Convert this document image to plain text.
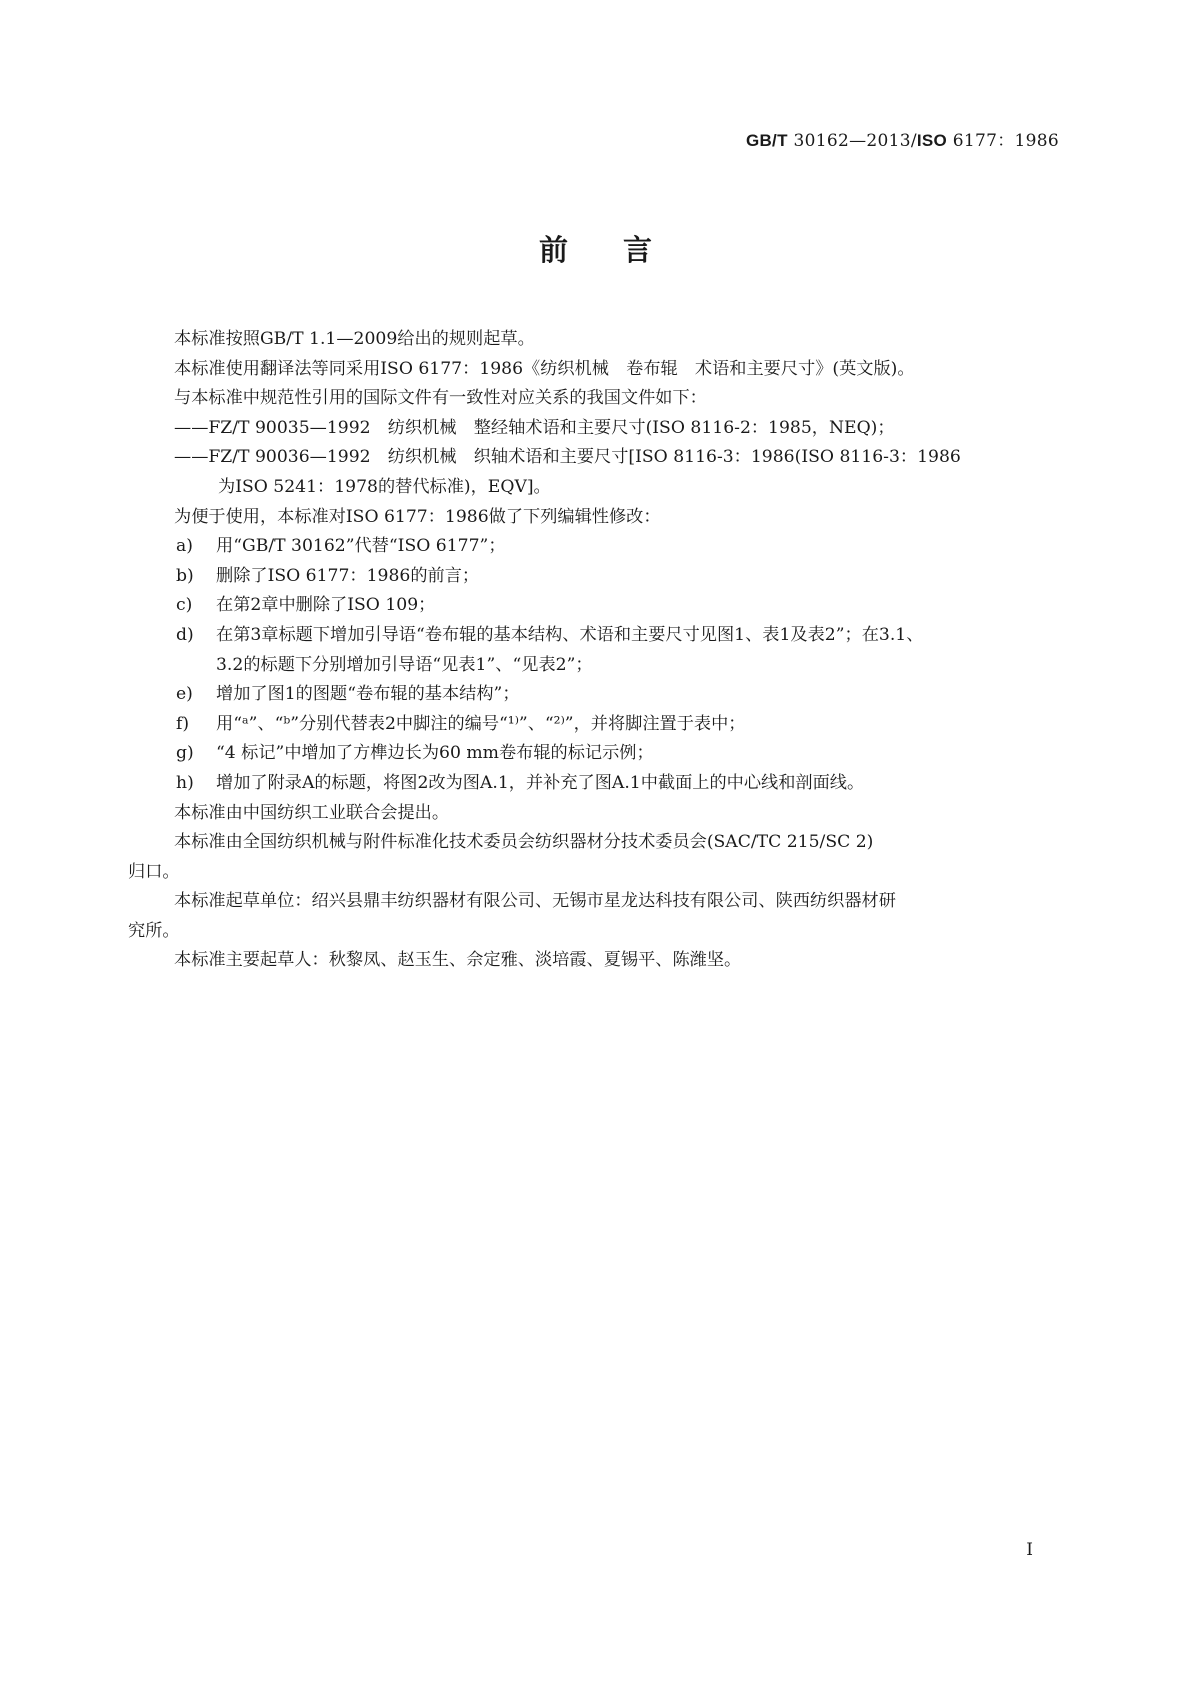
GB/T 30162—2013/ISO 6177：1986
前言

本标准按照GB/T 1.1—2009给出的规则起草。

本标准使用翻译法等同采用ISO 6177：1986《纺织机械　卷布辊　术语和主要尺寸》(英文版)。

与本标准中规范性引用的国际文件有一致性对应关系的我国文件如下：

——FZ/T 90035—1992　纺织机械　整经轴术语和主要尺寸(ISO 8116-2：1985，NEQ)；

——FZ/T 90036—1992　纺织机械　织轴术语和主要尺寸[ISO 8116-3：1986(ISO 8116-3：1986

为ISO 5241：1978的替代标准)，EQV]。

为便于使用，本标准对ISO 6177：1986做了下列编辑性修改：

a)	用“GB/T 30162”代替“ISO 6177”；
b)	删除了ISO 6177：1986的前言；
c)	在第2章中删除了ISO 109；
d)	在第3章标题下增加引导语“卷布辊的基本结构、术语和主要尺寸见图1、表1及表2”；在3.1、

3.2的标题下分别增加引导语“见表1”、“见表2”；

e)	增加了图1的图题“卷布辊的基本结构”；
f)	用“ᵃ”、“ᵇ”分别代替表2中脚注的编号“¹⁾”、“²⁾”，并将脚注置于表中；
g)	“4 标记”中增加了方榫边长为60 mm卷布辊的标记示例；
h)	增加了附录A的标题，将图2改为图A.1，并补充了图A.1中截面上的中心线和剖面线。

本标准由中国纺织工业联合会提出。

本标准由全国纺织机械与附件标准化技术委员会纺织器材分技术委员会(SAC/TC 215/SC 2)

归口。

本标准起草单位：绍兴县鼎丰纺织器材有限公司、无锡市星龙达科技有限公司、陕西纺织器材研

究所。

本标准主要起草人：秋黎凤、赵玉生、佘定雅、淡培霞、夏锡平、陈潍坚。

I
